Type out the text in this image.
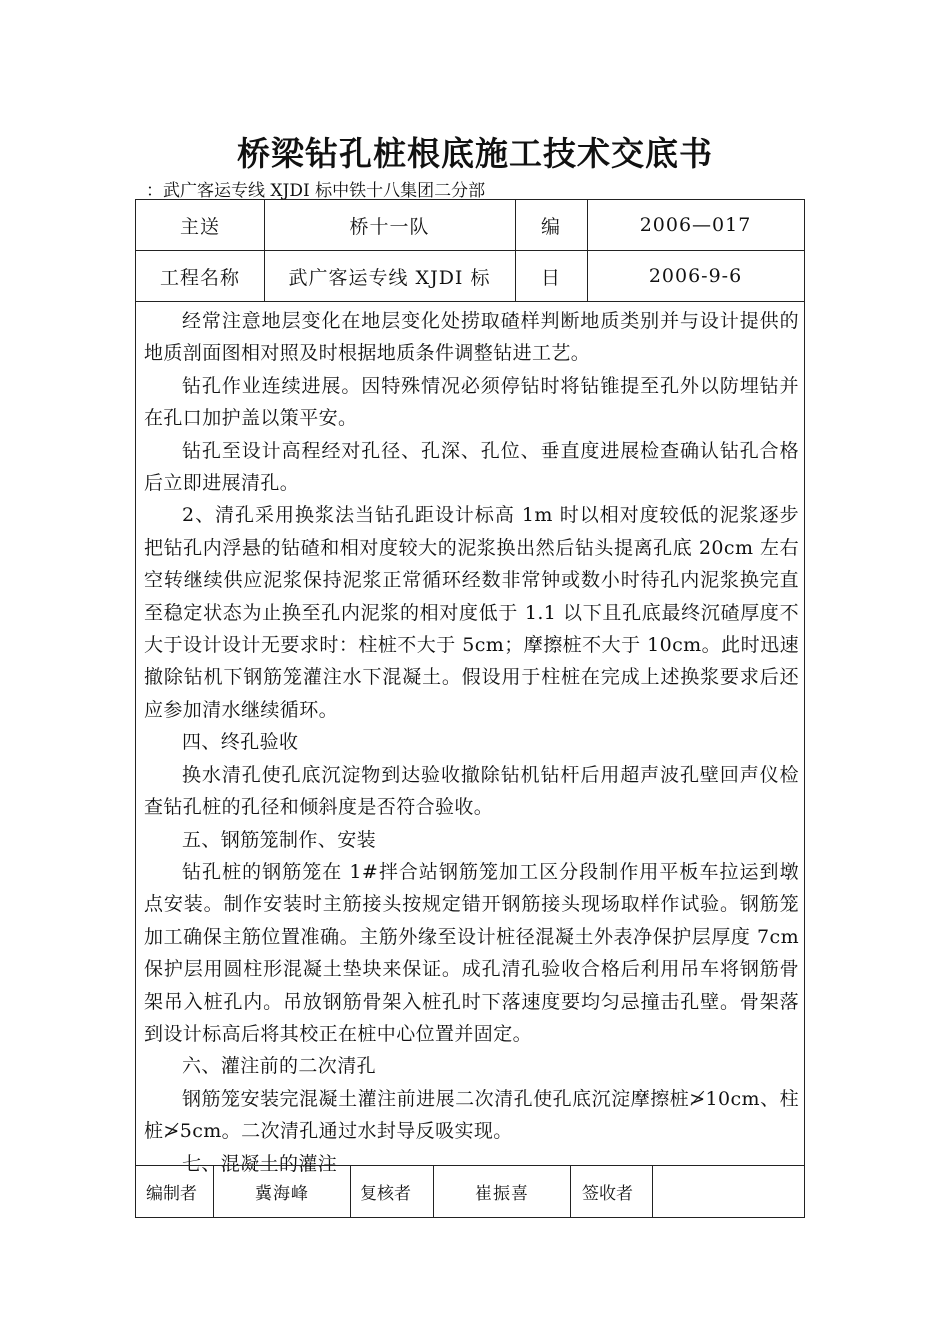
桥梁钻孔桩根底施工技术交底书
：武广客运专线 XJDI 标中铁十八集团二分部
主送	桥十一队	编	2006—017
工程名称	武广客运专线 XJDI 标	日	2006-9-6

经常注意地层变化在地层变化处捞取碴样判断地质类别并与设计提供的地质剖面图相对照及时根据地质条件调整钻进工艺。

钻孔作业连续进展。因特殊情况必须停钻时将钻锥提至孔外以防埋钻并在孔口加护盖以策平安。

钻孔至设计高程经对孔径、孔深、孔位、垂直度进展检查确认钻孔合格后立即进展清孔。

2、清孔采用换浆法当钻孔距设计标高 1m 时以相对度较低的泥浆逐步把钻孔内浮悬的钻碴和相对度较大的泥浆换出然后钻头提离孔底 20cm 左右空转继续供应泥浆保持泥浆正常循环经数非常钟或数小时待孔内泥浆换完直至稳定状态为止换至孔内泥浆的相对度低于 1.1 以下且孔底最终沉碴厚度不大于设计设计无要求时：柱桩不大于 5cm；摩擦桩不大于 10cm。此时迅速撤除钻机下钢筋笼灌注水下混凝土。假设用于柱桩在完成上述换浆要求后还应参加清水继续循环。

四、终孔验收

换水清孔使孔底沉淀物到达验收撤除钻机钻杆后用超声波孔壁回声仪检查钻孔桩的孔径和倾斜度是否符合验收。

五、钢筋笼制作、安装

钻孔桩的钢筋笼在 1#拌合站钢筋笼加工区分段制作用平板车拉运到墩点安装。制作安装时主筋接头按规定错开钢筋接头现场取样作试验。钢筋笼加工确保主筋位置准确。主筋外缘至设计桩径混凝土外表净保护层厚度 7cm 保护层用圆柱形混凝土垫块来保证。成孔清孔验收合格后利用吊车将钢筋骨架吊入桩孔内。吊放钢筋骨架入桩孔时下落速度要均匀忌撞击孔壁。骨架落到设计标高后将其校正在桩中心位置并固定。

六、灌注前的二次清孔

钢筋笼安装完混凝土灌注前进展二次清孔使孔底沉淀摩擦桩≯10cm、柱桩≯5cm。二次清孔通过水封导反吸实现。

七、混凝土的灌注

编制者	冀海峰	复核者	崔振喜	签收者
